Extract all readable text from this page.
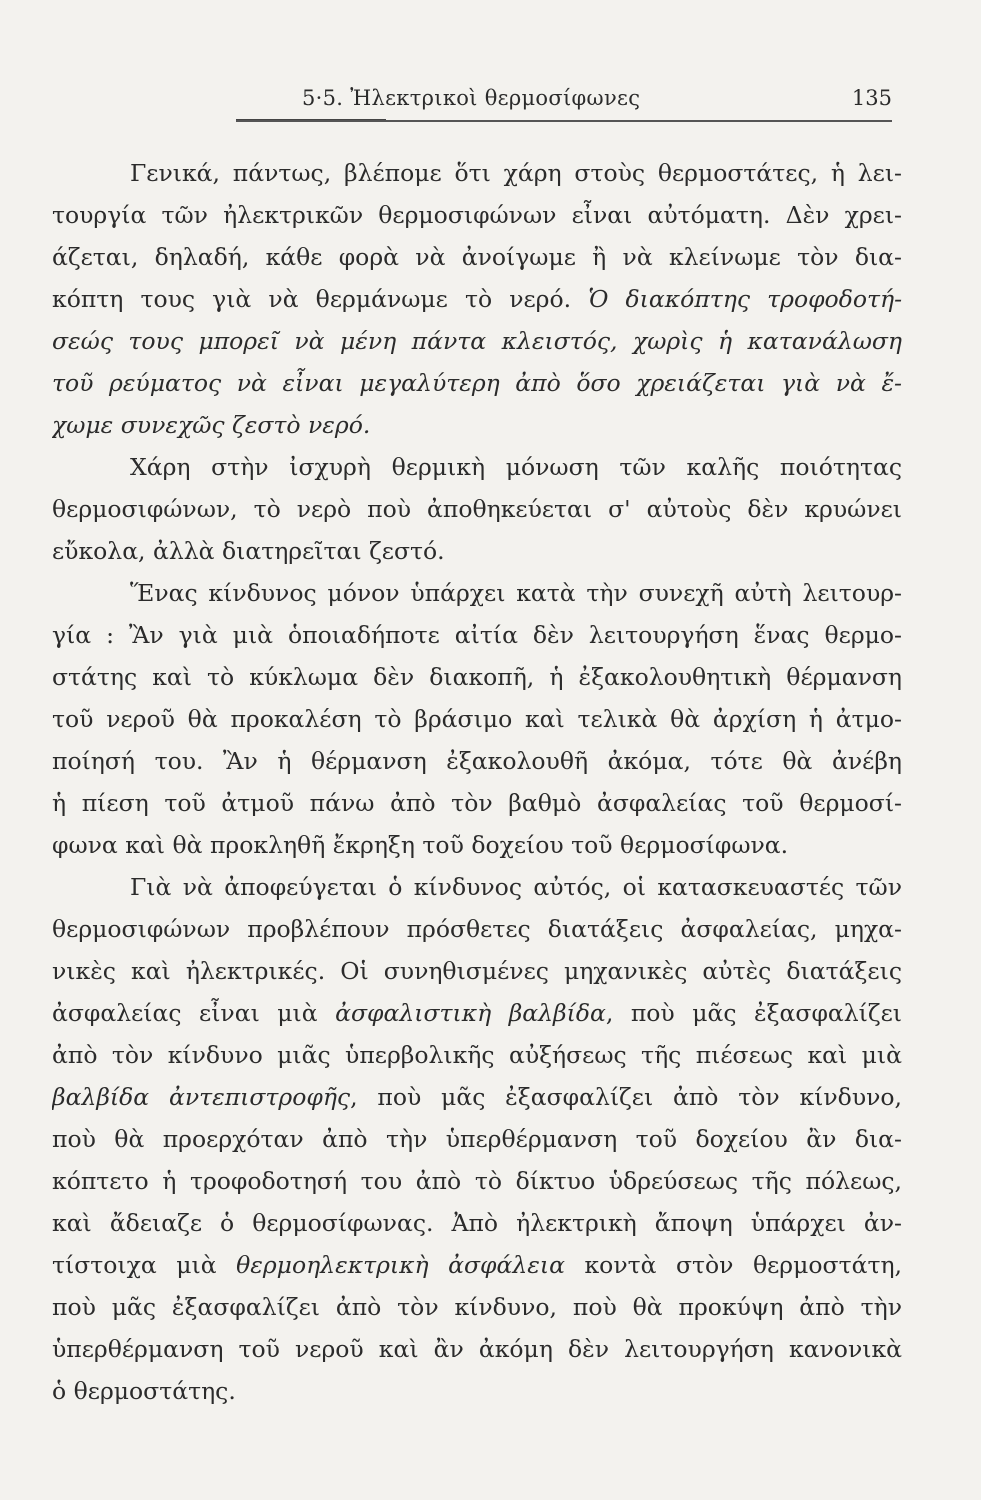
5·5. Ἠλεκτρικοὶ θερμοσίφωνες	135
Γενικά, πάντως, βλέπομε ὅτι χάρη στοὺς θερμοστάτες, ἡ λει-
τουργία τῶν ἠλεκτρικῶν θερμοσιφώνων εἶναι αὐτόματη. Δὲν χρει-
άζεται, δηλαδή, κάθε φορὰ νὰ ἀνοίγωμε ἢ νὰ κλείνωμε τὸν δια-
κόπτη τους γιὰ νὰ θερμάνωμε τὸ νερό. Ὁ διακόπτης τροφοδοτή-
σεώς τους μπορεῖ νὰ μένη πάντα κλειστός, χωρὶς ἡ κατανάλωση
τοῦ ρεύματος νὰ εἶναι μεγαλύτερη ἀπὸ ὅσο χρειάζεται γιὰ νὰ ἔ-
χωμε συνεχῶς ζεστὸ νερό.
Χάρη στὴν ἰσχυρὴ θερμικὴ μόνωση τῶν καλῆς ποιότητας
θερμοσιφώνων, τὸ νερὸ ποὺ ἀποθηκεύεται σ' αὐτοὺς δὲν κρυώνει
εὔκολα, ἀλλὰ διατηρεῖται ζεστό.
Ἕνας κίνδυνος μόνον ὑπάρχει κατὰ τὴν συνεχῆ αὐτὴ λειτουρ-
γία : Ἂν γιὰ μιὰ ὁποιαδήποτε αἰτία δὲν λειτουργήση ἕνας θερμο-
στάτης καὶ τὸ κύκλωμα δὲν διακοπῆ, ἡ ἐξακολουθητικὴ θέρμανση
τοῦ νεροῦ θὰ προκαλέση τὸ βράσιμο καὶ τελικὰ θὰ ἀρχίση ἡ ἀτμο-
ποίησή του. Ἂν ἡ θέρμανση ἐξακολουθῆ ἀκόμα, τότε θὰ ἀνέβη
ἡ πίεση τοῦ ἀτμοῦ πάνω ἀπὸ τὸν βαθμὸ ἀσφαλείας τοῦ θερμοσί-
φωνα καὶ θὰ προκληθῆ ἔκρηξη τοῦ δοχείου τοῦ θερμοσίφωνα.
Γιὰ νὰ ἀποφεύγεται ὁ κίνδυνος αὐτός, οἱ κατασκευαστές τῶν
θερμοσιφώνων προβλέπουν πρόσθετες διατάξεις ἀσφαλείας, μηχα-
νικὲς καὶ ἠλεκτρικές. Οἱ συνηθισμένες μηχανικὲς αὐτὲς διατάξεις
ἀσφαλείας εἶναι μιὰ ἀσφαλιστικὴ βαλβίδα, ποὺ μᾶς ἐξασφαλίζει
ἀπὸ τὸν κίνδυνο μιᾶς ὑπερβολικῆς αὐξήσεως τῆς πιέσεως καὶ μιὰ
βαλβίδα ἀντεπιστροφῆς, ποὺ μᾶς ἐξασφαλίζει ἀπὸ τὸν κίνδυνο,
ποὺ θὰ προερχόταν ἀπὸ τὴν ὑπερθέρμανση τοῦ δοχείου ἂν δια-
κόπτετο ἡ τροφοδοτησή του ἀπὸ τὸ δίκτυο ὑδρεύσεως τῆς πόλεως,
καὶ ἄδειαζε ὁ θερμοσίφωνας. Ἀπὸ ἠλεκτρικὴ ἄποψη ὑπάρχει ἀν-
τίστοιχα μιὰ θερμοηλεκτρικὴ ἀσφάλεια κοντὰ στὸν θερμοστάτη,
ποὺ μᾶς ἐξασφαλίζει ἀπὸ τὸν κίνδυνο, ποὺ θὰ προκύψη ἀπὸ τὴν
ὑπερθέρμανση τοῦ νεροῦ καὶ ἂν ἀκόμη δὲν λειτουργήση κανονικὰ
ὁ θερμοστάτης.
